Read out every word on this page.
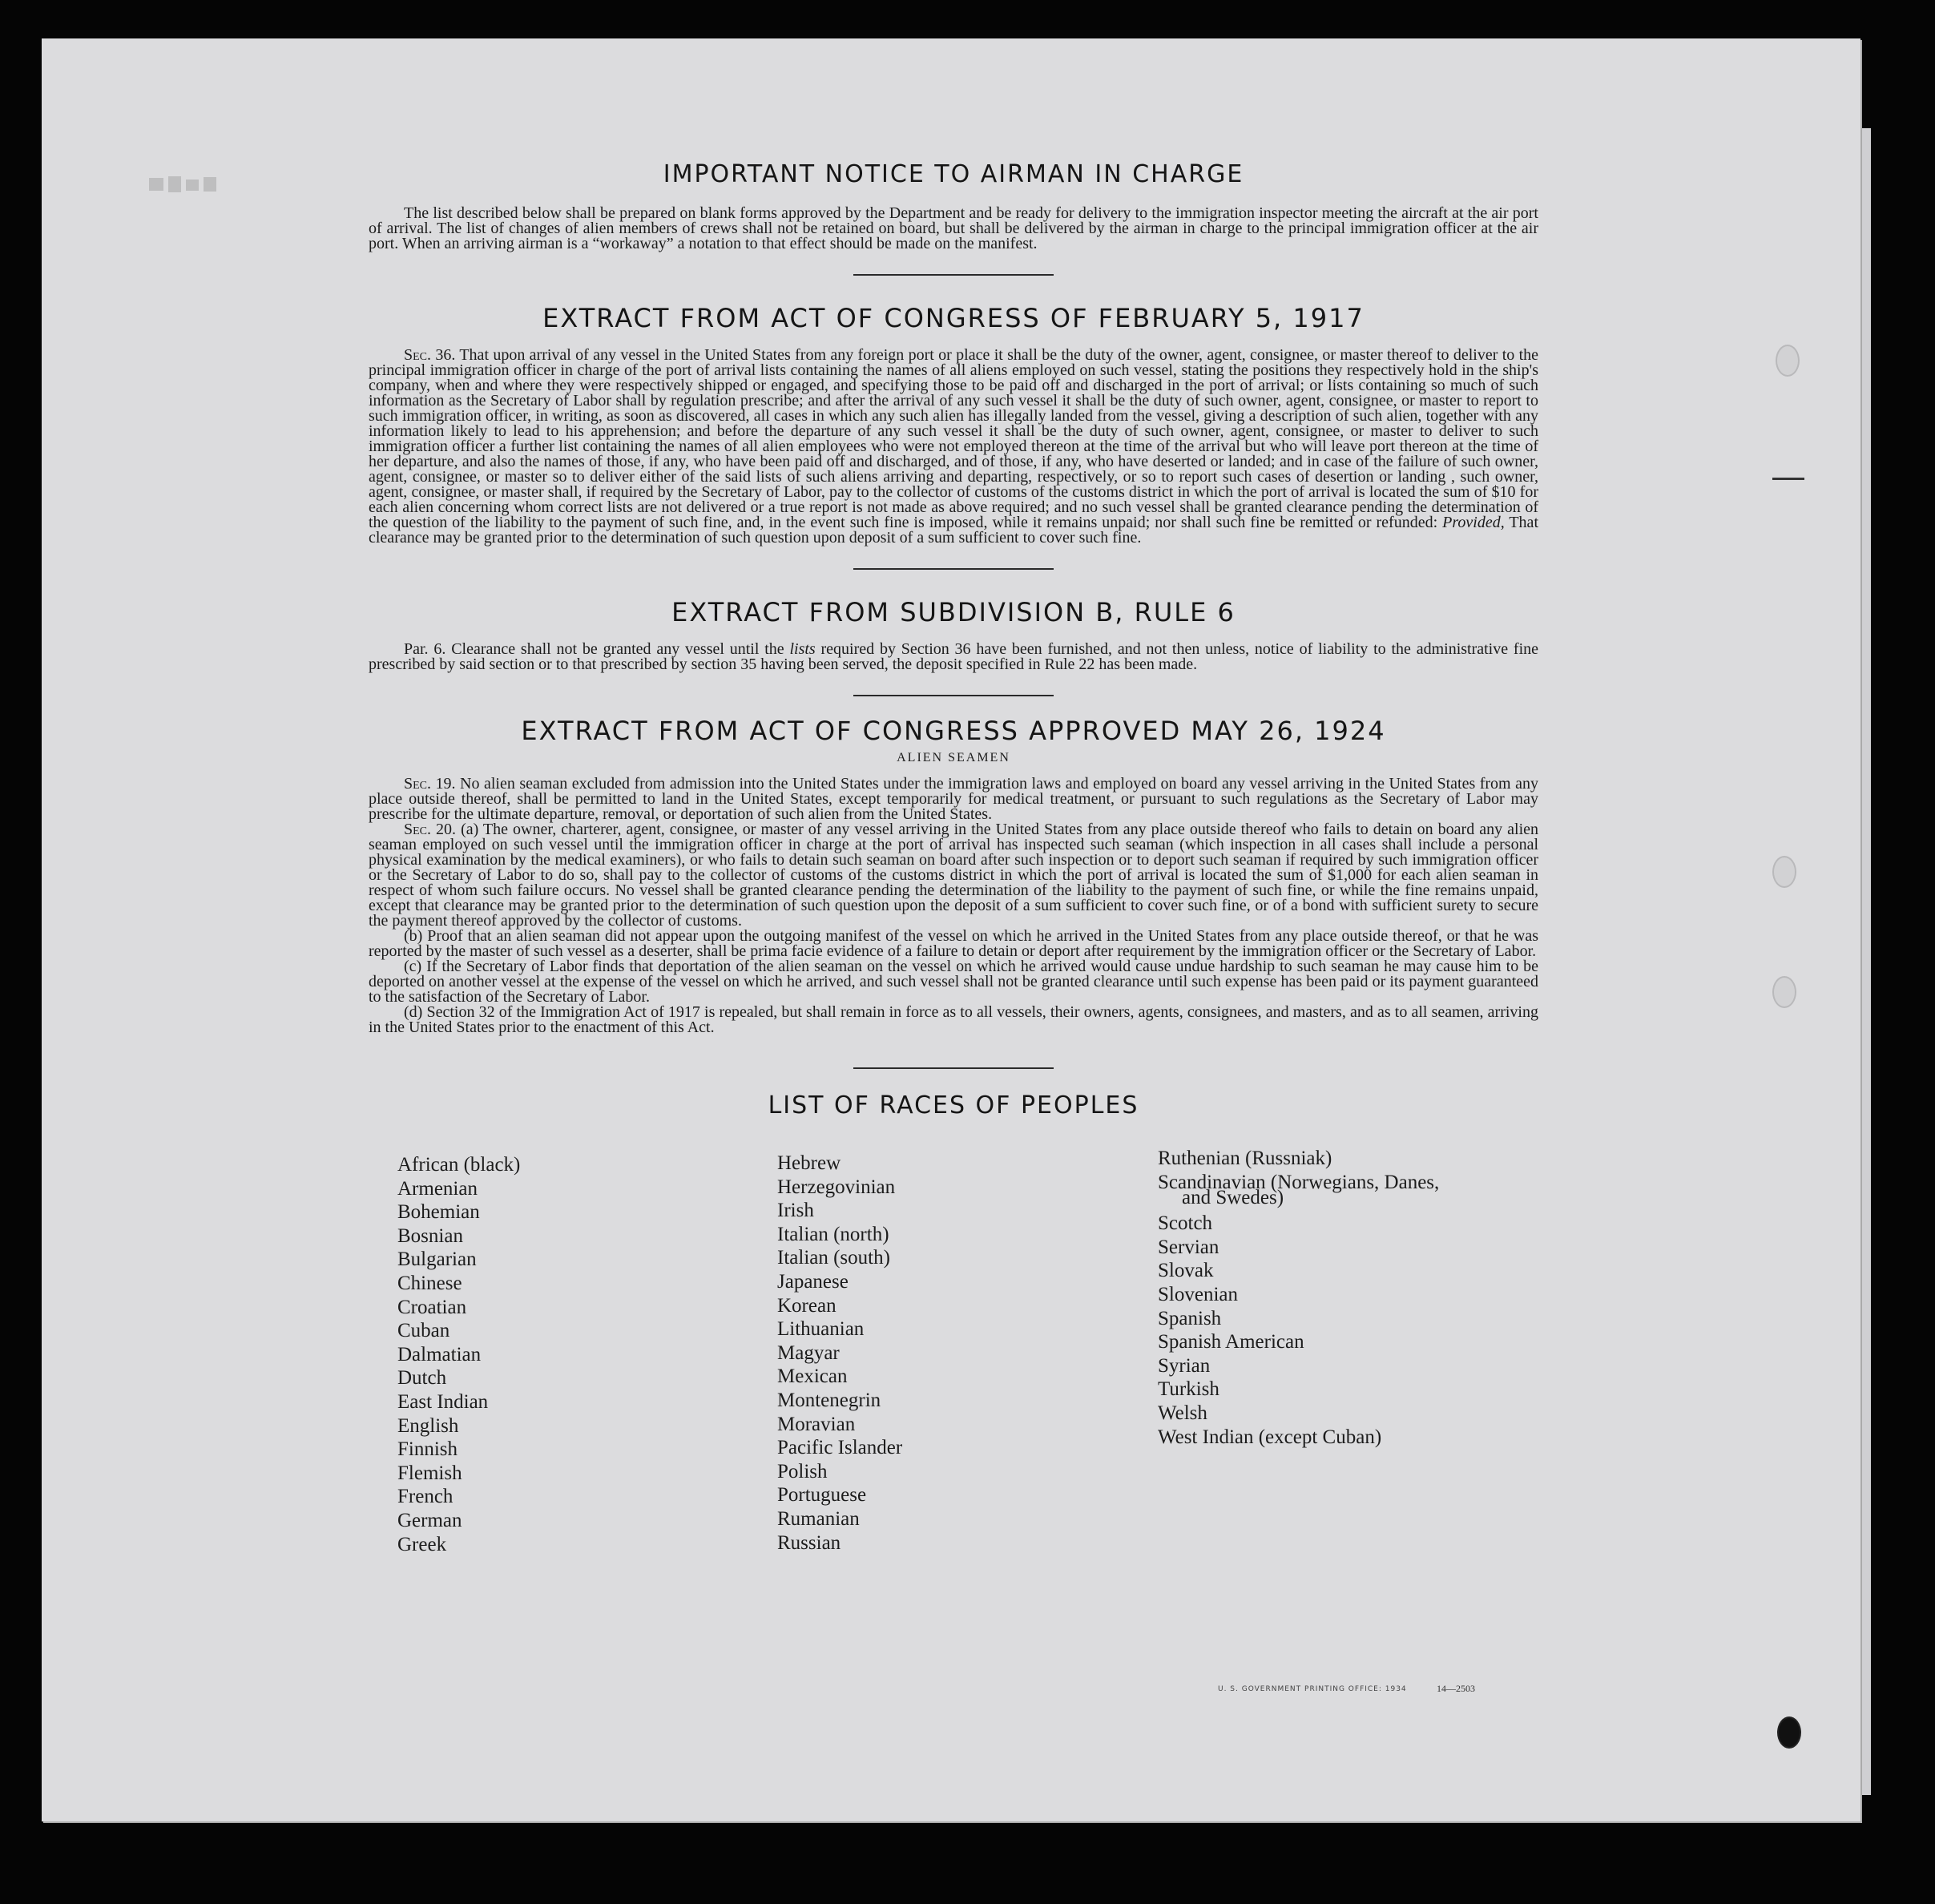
IMPORTANT NOTICE TO AIRMAN IN CHARGE

The list described below shall be prepared on blank forms approved by the Department and be ready for delivery to the immigration inspector meeting the aircraft at the air port of arrival. The list of changes of alien members of crews shall not be retained on board, but shall be delivered by the airman in charge to the principal immigration officer at the air port. When an arriving airman is a “workaway” a notation to that effect should be made on the manifest.

EXTRACT FROM ACT OF CONGRESS OF FEBRUARY 5, 1917

Sec. 36. That upon arrival of any vessel in the United States from any foreign port or place it shall be the duty of the owner, agent, consignee, or master thereof to deliver to the principal immigration officer in charge of the port of arrival lists containing the names of all aliens employed on such vessel, stating the positions they respectively hold in the ship's company, when and where they were respectively shipped or engaged, and specifying those to be paid off and discharged in the port of arrival; or lists containing so much of such information as the Secretary of Labor shall by regulation prescribe; and after the arrival of any such vessel it shall be the duty of such owner, agent, consignee, or master to report to such immigration officer, in writing, as soon as discovered, all cases in which any such alien has illegally landed from the vessel, giving a description of such alien, together with any information likely to lead to his apprehension; and before the departure of any such vessel it shall be the duty of such owner, agent, consignee, or master to deliver to such immigration officer a further list containing the names of all alien employees who were not employed thereon at the time of the arrival but who will leave port thereon at the time of her departure, and also the names of those, if any, who have been paid off and discharged, and of those, if any, who have deserted or landed; and in case of the failure of such owner, agent, consignee, or master so to deliver either of the said lists of such aliens arriving and departing, respectively, or so to report such cases of desertion or landing , such owner, agent, consignee, or master shall, if required by the Secretary of Labor, pay to the collector of customs of the customs district in which the port of arrival is located the sum of $10 for each alien concerning whom correct lists are not delivered or a true report is not made as above required; and no such vessel shall be granted clearance pending the determination of the question of the liability to the payment of such fine, and, in the event such fine is imposed, while it remains unpaid; nor shall such fine be remitted or refunded: Provided, That clearance may be granted prior to the determination of such question upon deposit of a sum sufficient to cover such fine.

EXTRACT FROM SUBDIVISION B, RULE 6

Par. 6. Clearance shall not be granted any vessel until the lists required by Section 36 have been furnished, and not then unless, notice of liability to the administrative fine prescribed by said section or to that prescribed by section 35 having been served, the deposit specified in Rule 22 has been made.

EXTRACT FROM ACT OF CONGRESS APPROVED MAY 26, 1924
ALIEN SEAMEN

Sec. 19. No alien seaman excluded from admission into the United States under the immigration laws and employed on board any vessel arriving in the United States from any place outside thereof, shall be permitted to land in the United States, except temporarily for medical treatment, or pursuant to such regulations as the Secretary of Labor may prescribe for the ultimate departure, removal, or deportation of such alien from the United States.

Sec. 20. (a) The owner, charterer, agent, consignee, or master of any vessel arriving in the United States from any place outside thereof who fails to detain on board any alien seaman employed on such vessel until the immigration officer in charge at the port of arrival has inspected such seaman (which inspection in all cases shall include a personal physical examination by the medical examiners), or who fails to detain such seaman on board after such inspection or to deport such seaman if required by such immigration officer or the Secretary of Labor to do so, shall pay to the collector of customs of the customs district in which the port of arrival is located the sum of $1,000 for each alien seaman in respect of whom such failure occurs. No vessel shall be granted clearance pending the determination of the liability to the payment of such fine, or while the fine remains unpaid, except that clearance may be granted prior to the determination of such question upon the deposit of a sum sufficient to cover such fine, or of a bond with sufficient surety to secure the payment thereof approved by the collector of customs.

(b) Proof that an alien seaman did not appear upon the outgoing manifest of the vessel on which he arrived in the United States from any place outside thereof, or that he was reported by the master of such vessel as a deserter, shall be prima facie evidence of a failure to detain or deport after requirement by the immigration officer or the Secretary of Labor.

(c) If the Secretary of Labor finds that deportation of the alien seaman on the vessel on which he arrived would cause undue hardship to such seaman he may cause him to be deported on another vessel at the expense of the vessel on which he arrived, and such vessel shall not be granted clearance until such expense has been paid or its payment guaranteed to the satisfaction of the Secretary of Labor.

(d) Section 32 of the Immigration Act of 1917 is repealed, but shall remain in force as to all vessels, their owners, agents, consignees, and masters, and as to all seamen, arriving in the United States prior to the enactment of this Act.

LIST OF RACES OF PEOPLES
African (black)
Armenian
Bohemian
Bosnian
Bulgarian
Chinese
Croatian
Cuban
Dalmatian
Dutch
East Indian
English
Finnish
Flemish
French
German
Greek
Hebrew
Herzegovinian
Irish
Italian (north)
Italian (south)
Japanese
Korean
Lithuanian
Magyar
Mexican
Montenegrin
Moravian
Pacific Islander
Polish
Portuguese
Rumanian
Russian
Ruthenian (Russniak)
Scandinavian (Norwegians, Danes,
and Swedes)
Scotch
Servian
Slovak
Slovenian
Spanish
Spanish American
Syrian
Turkish
Welsh
West Indian (except Cuban)
U. S. GOVERNMENT PRINTING OFFICE: 1934	14—2503
